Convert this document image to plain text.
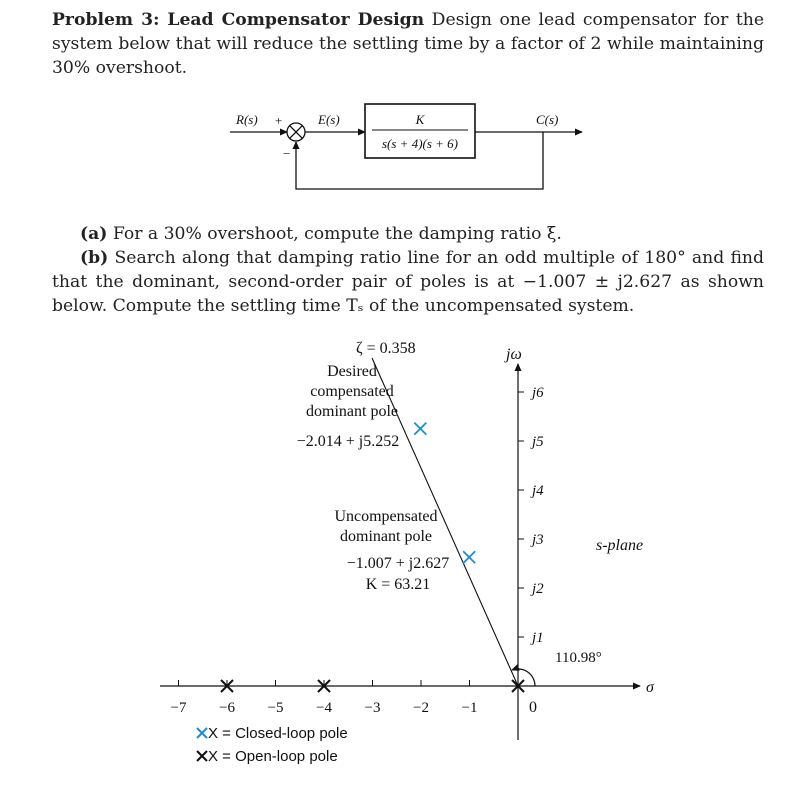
Problem 3: Lead Compensator Design Design one lead compensator for the system below that will reduce the settling time by a factor of 2 while maintaining 30% overshoot.
R(s) +
−
E(s)	K
s(s + 4)(s + 6)
C(s)
jω
σ
0
s-plane
−7 −6 −5 −4 −3 −2 −1
j1
j2
j3
j4
j5
j6
ζ = 0.358
110.98°
Desired
compensated
dominant pole
−2.014 + j5.252
Uncompensated
dominant pole
−1.007 + j2.627
K = 63.21
X = Closed-loop pole
X = Open-loop pole
(a) For a 30% overshoot, compute the damping ratio ξ.
(b) Search along that damping ratio line for an odd multiple of 180° and find that the dominant, second-order pair of poles is at −1.007 ± j2.627 as shown below. Compute the settling time Tₛ of the uncompensated system.
